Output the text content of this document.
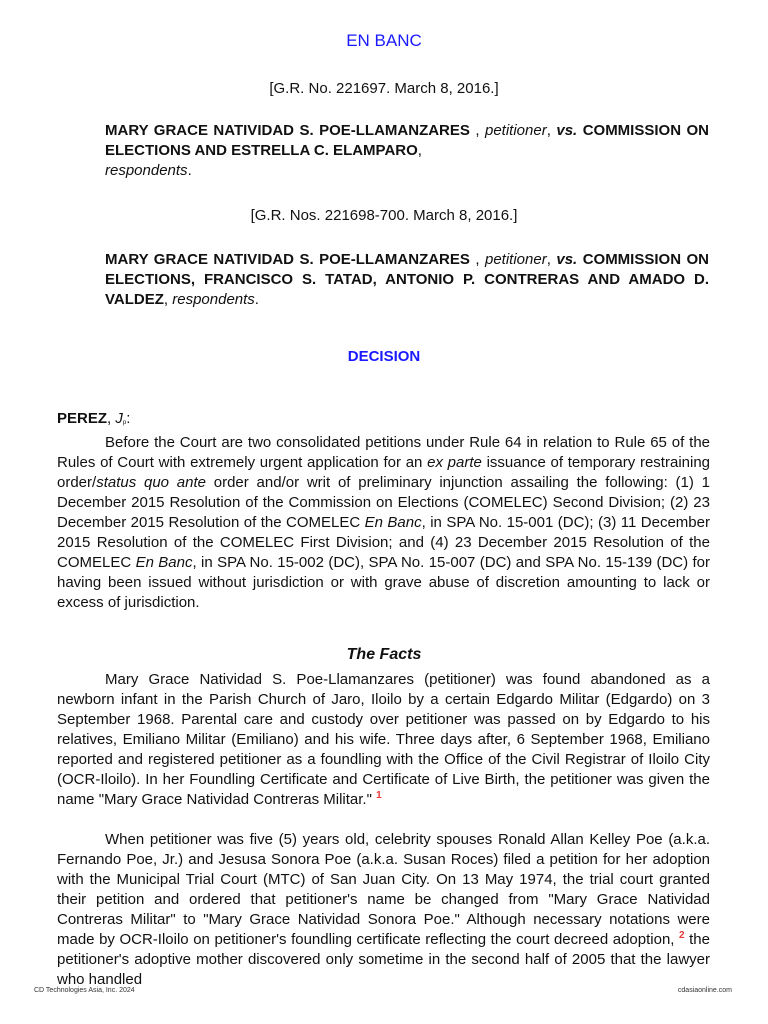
EN BANC
[G.R. No. 221697. March 8, 2016.]
MARY GRACE NATIVIDAD S. POE-LLAMANZARES , petitioner, vs. COMMISSION ON ELECTIONS AND ESTRELLA C. ELAMPARO,
respondents.
[G.R. Nos. 221698-700. March 8, 2016.]
MARY GRACE NATIVIDAD S. POE-LLAMANZARES , petitioner, vs. COMMISSION ON ELECTIONS, FRANCISCO S. TATAD, ANTONIO P. CONTRERAS AND AMADO D. VALDEZ, respondents.
DECISION
PEREZ, $J_p$:
Before the Court are two consolidated petitions under Rule 64 in relation to Rule 65 of the Rules of Court with extremely urgent application for an ex parte issuance of temporary restraining order/status quo ante order and/or writ of preliminary injunction assailing the following: (1) 1 December 2015 Resolution of the Commission on Elections (COMELEC) Second Division; (2) 23 December 2015 Resolution of the COMELEC En Banc, in SPA No. 15-001 (DC); (3) 11 December 2015 Resolution of the COMELEC First Division; and (4) 23 December 2015 Resolution of the COMELEC En Banc, in SPA No. 15-002 (DC), SPA No. 15-007 (DC) and SPA No. 15-139 (DC) for having been issued without jurisdiction or with grave abuse of discretion amounting to lack or excess of jurisdiction.
The Facts
Mary Grace Natividad S. Poe-Llamanzares (petitioner) was found abandoned as a newborn infant in the Parish Church of Jaro, Iloilo by a certain Edgardo Militar (Edgardo) on 3 September 1968. Parental care and custody over petitioner was passed on by Edgardo to his relatives, Emiliano Militar (Emiliano) and his wife. Three days after, 6 September 1968, Emiliano reported and registered petitioner as a foundling with the Office of the Civil Registrar of Iloilo City (OCR-Iloilo). In her Foundling Certificate and Certificate of Live Birth, the petitioner was given the name "Mary Grace Natividad Contreras Militar." $^1$
When petitioner was five (5) years old, celebrity spouses Ronald Allan Kelley Poe (a.k.a. Fernando Poe, Jr.) and Jesusa Sonora Poe (a.k.a. Susan Roces) filed a petition for her adoption with the Municipal Trial Court (MTC) of San Juan City. On 13 May 1974, the trial court granted their petition and ordered that petitioner's name be changed from "Mary Grace Natividad Contreras Militar" to "Mary Grace Natividad Sonora Poe." Although necessary notations were made by OCR-Iloilo on petitioner's foundling certificate reflecting the court decreed adoption, $^2$ the petitioner's adoptive mother discovered only sometime in the second half of 2005 that the lawyer who handled
CD Technologies Asia, Inc. 2024	cdasiaonline.com
